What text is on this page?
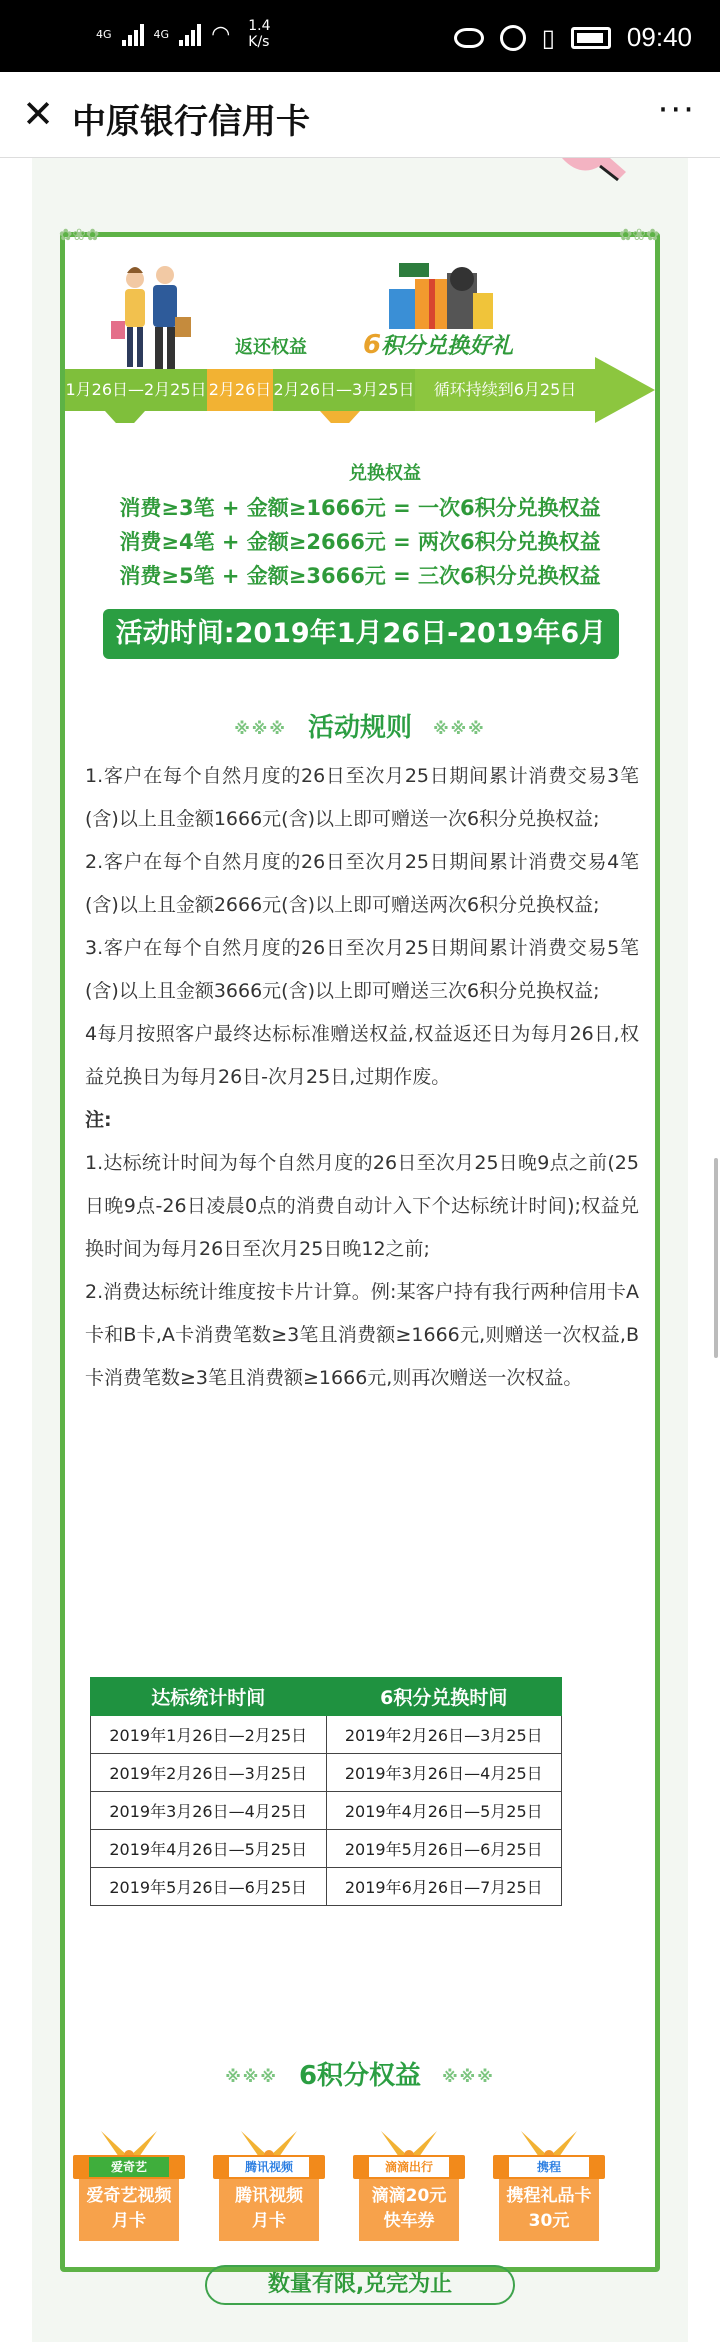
4G	4G ◠ 1.4
K/s	▯	09:40
✕ 中原银行信用卡	···
✿❀✿	✿❀✿
返还权益 6积分兑换好礼
1月26日—2月25日 2月26日 2月26日—3月25日	循环持续到6月25日
兑换权益

消费≥3笔 + 金额≥1666元 = 一次6积分兑换权益

消费≥4笔 + 金额≥2666元 = 两次6积分兑换权益

消费≥5笔 + 金额≥3666元 = 三次6积分兑换权益

活动时间:2019年1月26日-2019年6月25日
※※※ 活动规则 ※※※

1.客户在每个自然月度的26日至次月25日期间累计消费交易3笔(含)以上且金额1666元(含)以上即可赠送一次6积分兑换权益;

2.客户在每个自然月度的26日至次月25日期间累计消费交易4笔(含)以上且金额2666元(含)以上即可赠送两次6积分兑换权益;

3.客户在每个自然月度的26日至次月25日期间累计消费交易5笔(含)以上且金额3666元(含)以上即可赠送三次6积分兑换权益;

4每月按照客户最终达标标准赠送权益,权益返还日为每月26日,权益兑换日为每月26日-次月25日,过期作废。

注:

1.达标统计时间为每个自然月度的26日至次月25日晚9点之前(25日晚9点-26日凌晨0点的消费自动计入下个达标统计时间);权益兑换时间为每月26日至次月25日晚12之前;

2.消费达标统计维度按卡片计算。例:某客户持有我行两种信用卡A卡和B卡,A卡消费笔数≥3笔且消费额≥1666元,则赠送一次权益,B卡消费笔数≥3笔且消费额≥1666元,则再次赠送一次权益。

达标统计时间	6积分兑换时间
2019年1月26日—2月25日	2019年2月26日—3月25日
2019年2月26日—3月25日	2019年3月26日—4月25日
2019年3月26日—4月25日	2019年4月26日—5月25日
2019年4月26日—5月25日	2019年5月26日—6月25日
2019年5月26日—6月25日	2019年6月26日—7月25日
※※※ 6积分权益 ※※※
爱奇艺
爱奇艺视频
月卡
腾讯视频
腾讯视频
月卡
滴滴出行
滴滴20元
快车券
携程
携程礼品卡
30元
数量有限,兑完为止
